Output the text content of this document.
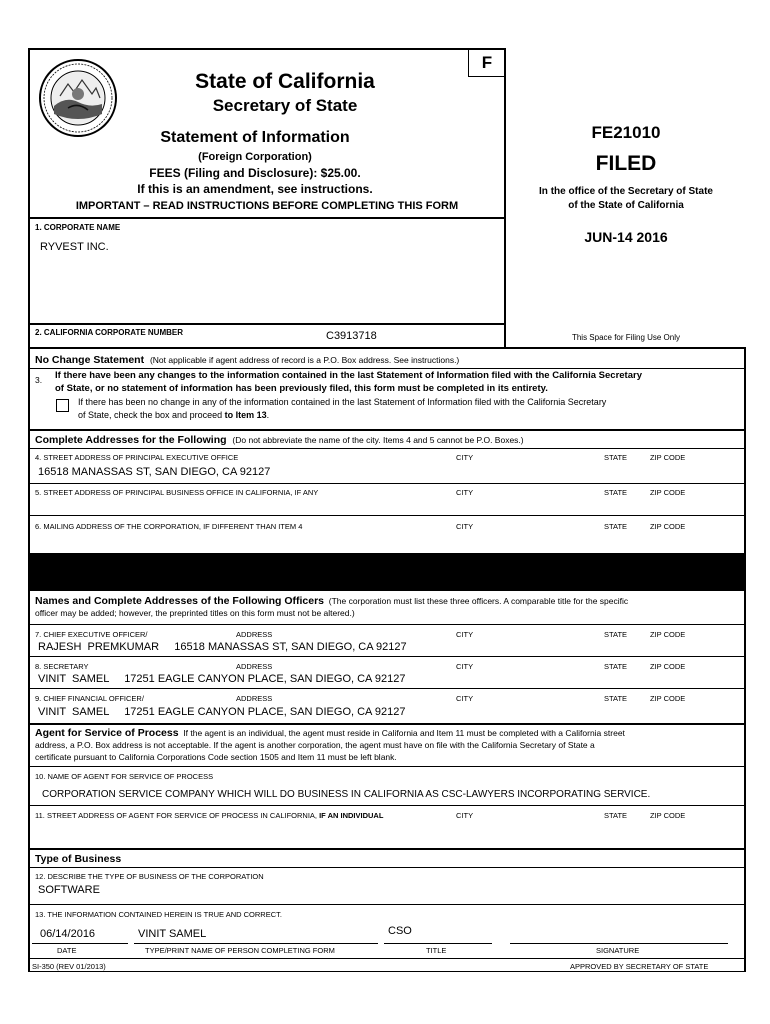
F
State of California
Secretary of State
Statement of Information
(Foreign Corporation)
FEES (Filing and Disclosure): $25.00.
If this is an amendment, see instructions.
IMPORTANT – READ INSTRUCTIONS BEFORE COMPLETING THIS FORM
FE21010
FILED
In the office of the Secretary of State
of the State of California
JUN-14 2016
This Space for Filing Use Only
1. CORPORATE NAME
RYVEST INC.
2. CALIFORNIA CORPORATE NUMBER	C3913718
No Change Statement (Not applicable if agent address of record is a P.O. Box address. See instructions.)
3. If there have been any changes to the information contained in the last Statement of Information filed with the California Secretary
of State, or no statement of information has been previously filed, this form must be completed in its entirety.
If there has been no change in any of the information contained in the last Statement of Information filed with the California Secretary
of State, check the box and proceed to Item 13.
Complete Addresses for the Following (Do not abbreviate the name of the city. Items 4 and 5 cannot be P.O. Boxes.)
4. STREET ADDRESS OF PRINCIPAL EXECUTIVE OFFICE	CITY	STATE	ZIP CODE
16518 MANASSAS ST, SAN DIEGO, CA 92127
5. STREET ADDRESS OF PRINCIPAL BUSINESS OFFICE IN CALIFORNIA, IF ANY	CITY	STATE	ZIP CODE
6. MAILING ADDRESS OF THE CORPORATION, IF DIFFERENT THAN ITEM 4	CITY	STATE	ZIP CODE
Names and Complete Addresses of the Following Officers (The corporation must list these three officers. A comparable title for the specific
officer may be added; however, the preprinted titles on this form must not be altered.)
7. CHIEF EXECUTIVE OFFICER/	ADDRESS	CITY	STATE	ZIP CODE
RAJESH  PREMKUMAR     16518 MANASSAS ST, SAN DIEGO, CA 92127
8. SECRETARY	ADDRESS	CITY	STATE	ZIP CODE
VINIT  SAMEL     17251 EAGLE CANYON PLACE, SAN DIEGO, CA 92127
9. CHIEF FINANCIAL OFFICER/	ADDRESS	CITY	STATE	ZIP CODE
VINIT  SAMEL     17251 EAGLE CANYON PLACE, SAN DIEGO, CA 92127
Agent for Service of Process If the agent is an individual, the agent must reside in California and Item 11 must be completed with a California street
address, a P.O. Box address is not acceptable. If the agent is another corporation, the agent must have on file with the California Secretary of State a
certificate pursuant to California Corporations Code section 1505 and Item 11 must be left blank.
10. NAME OF AGENT FOR SERVICE OF PROCESS
CORPORATION SERVICE COMPANY WHICH WILL DO BUSINESS IN CALIFORNIA AS CSC-LAWYERS INCORPORATING SERVICE.
11. STREET ADDRESS OF AGENT FOR SERVICE OF PROCESS IN CALIFORNIA, IF AN INDIVIDUAL	CITY	STATE	ZIP CODE
Type of Business
12. DESCRIBE THE TYPE OF BUSINESS OF THE CORPORATION
SOFTWARE
13. THE INFORMATION CONTAINED HEREIN IS TRUE AND CORRECT.
06/14/2016	VINIT SAMEL	CSO
DATE	TYPE/PRINT NAME OF PERSON COMPLETING FORM	TITLE	SIGNATURE
SI-350 (REV 01/2013)	APPROVED BY SECRETARY OF STATE
